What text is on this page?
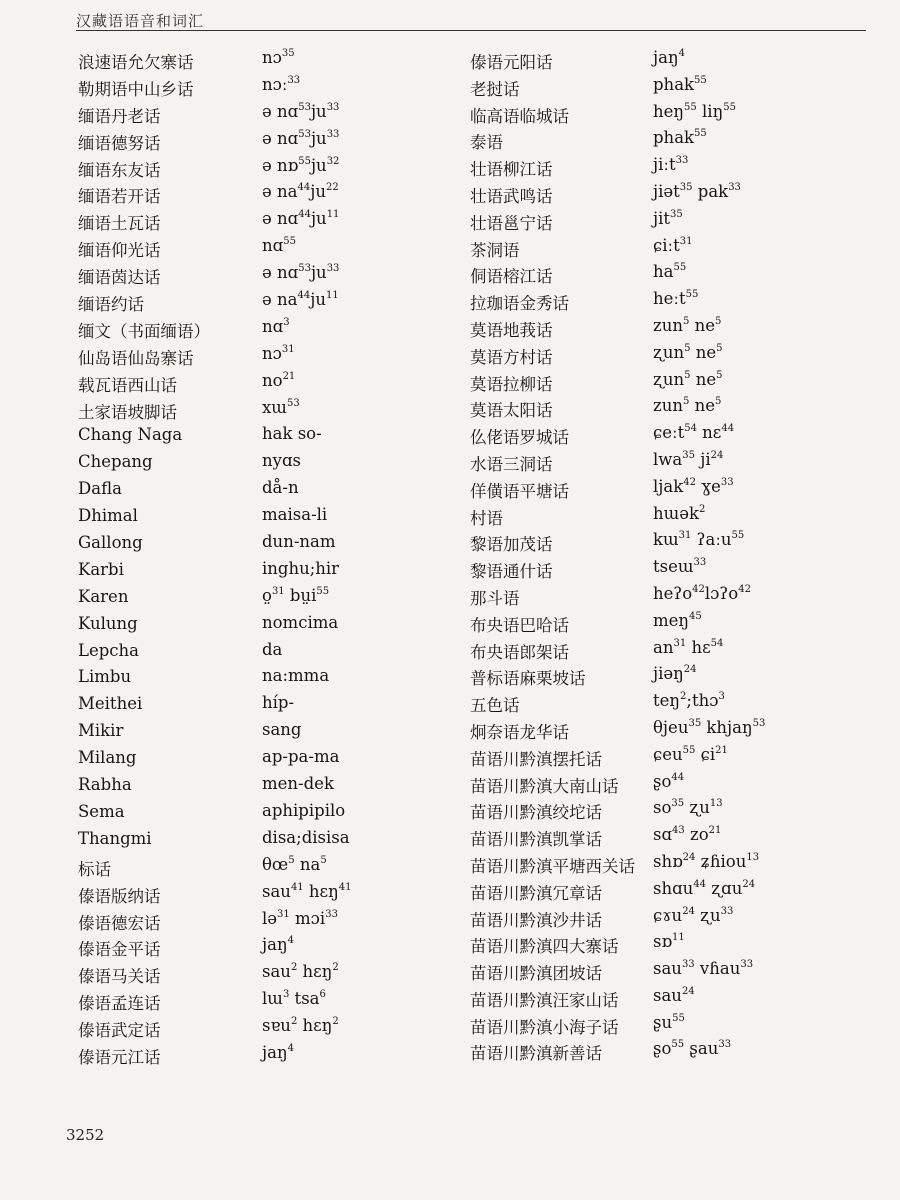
汉藏语语音和词汇
浪速语允欠寨话	nɔ$^{35}$
勒期语中山乡话	nɔː$^{33}$
缅语丹老话	ə $nɑ^{53}ju^{33}$
缅语德努话	ə $nɑ^{53}ju^{33}$
缅语东友话	ə $nɒ^{55}ju^{32}$
缅语若开话	ə $na^{44}ju^{22}$
缅语土瓦话	ə $nɑ^{44}ju^{11}$
缅语仰光话	nɑ$^{55}$
缅语茵达话	ə $nɑ^{53}ju^{33}$
缅语约话	ə $na^{44}ju^{11}$
缅文（书面缅语）	nɑ$^3$
仙岛语仙岛寨话	nɔ$^{31}$
载瓦语西山话	$no^{21}$
土家语坡脚话	xɯ$^{53}$
Chang Naga	hak so-
Chepang	nyɑs
Dafla	då-n
Dhimal	maisa-li
Gallong	dun-nam
Karbi	inghu;hir
Karen	o̤$^{31}$ bṳi$^{55}$
Kulung	nomcima
Lepcha	da
Limbu	na:mma
Meithei	híp-
Mikir	sang
Milang	ap-pa-ma
Rabha	men-dek
Sema	aphipipilo
Thangmi	disa;disisa
标话	$\theta œ^5$ $na^5$
傣语版纳话	sau$^{41}$ hɛŋ$^{41}$
傣语德宏话	lə$^{31}$ mɔi$^{33}$
傣语金平话	jaŋ$^4$
傣语马关话	sau$^2$ hɛŋ$^2$
傣语孟连话	lɯ$^3$ tsa$^6$
傣语武定话	sɐu$^2$ hɛŋ$^2$
傣语元江话	jaŋ$^4$
傣语元阳话	jaŋ$^4$
老挝话	phak$^{55}$
临高语临城话	heŋ$^{55}$ liŋ$^{55}$
泰语	phak$^{55}$
壮语柳江话	jiːt$^{33}$
壮语武鸣话	jiət$^{35}$ pak$^{33}$
壮语邕宁话	jit$^{35}$
茶洞语	ɕiːt$^{31}$
侗语榕江话	$ha^{55}$
拉珈语金秀话	heːt$^{55}$
莫语地莪话	zun$^5$ $ne^5$
莫语方村话	ʐun$^5$ $ne^5$
莫语拉柳话	ʐun$^5$ $ne^5$
莫语太阳话	zun$^5$ $ne^5$
仫佬语罗城话	ɕeːt$^{54}$ nɛ$^{44}$
水语三洞话	lwa$^{35}$ $ji^{24}$
佯僙语平塘话	ljak$^{42}$ ɣe$^{33}$
村语	hɯək$^2$
黎语加茂话	kɯ$^{31}$ ʔaːu$^{55}$
黎语通什话	tseɯ$^{33}$
那斗语	heʔo$^{42}$lɔʔo$^{42}$
布央语巴哈话	meŋ$^{45}$
布央语郎架话	$an^{31}$ hɛ$^{54}$
普标语麻栗坡话	jiəŋ$^{24}$
五色话	teŋ$^2$;thɔ$^3$
炯奈语龙华话	θjeu$^{35}$ khjaŋ$^{53}$
苗语川黔滇摆托话	ɕeu$^{55}$ ɕi$^{21}$
苗语川黔滇大南山话 ʂo$^{44}$
苗语川黔滇绞坨话	$so^{35}$ ʐu$^{13}$
苗语川黔滇凯掌话	sɑ$^{43}$ $zo^{21}$
苗语川黔滇平塘西关话 shɒ$^{24}$ ʑɦiou$^{13}$
苗语川黔滇冗章话	shɑu$^{44}$ ʐɑu$^{24}$
苗语川黔滇沙井话	ɕɤu$^{24}$ ʐu$^{33}$
苗语川黔滇四大寨话 sɒ$^{11}$
苗语川黔滇团坡话	sau$^{33}$ vɦau$^{33}$
苗语川黔滇汪家山话 sau$^{24}$
苗语川黔滇小海子话 ʂu$^{55}$
苗语川黔滇新善话	ʂo$^{55}$ ʂau$^{33}$
3252
